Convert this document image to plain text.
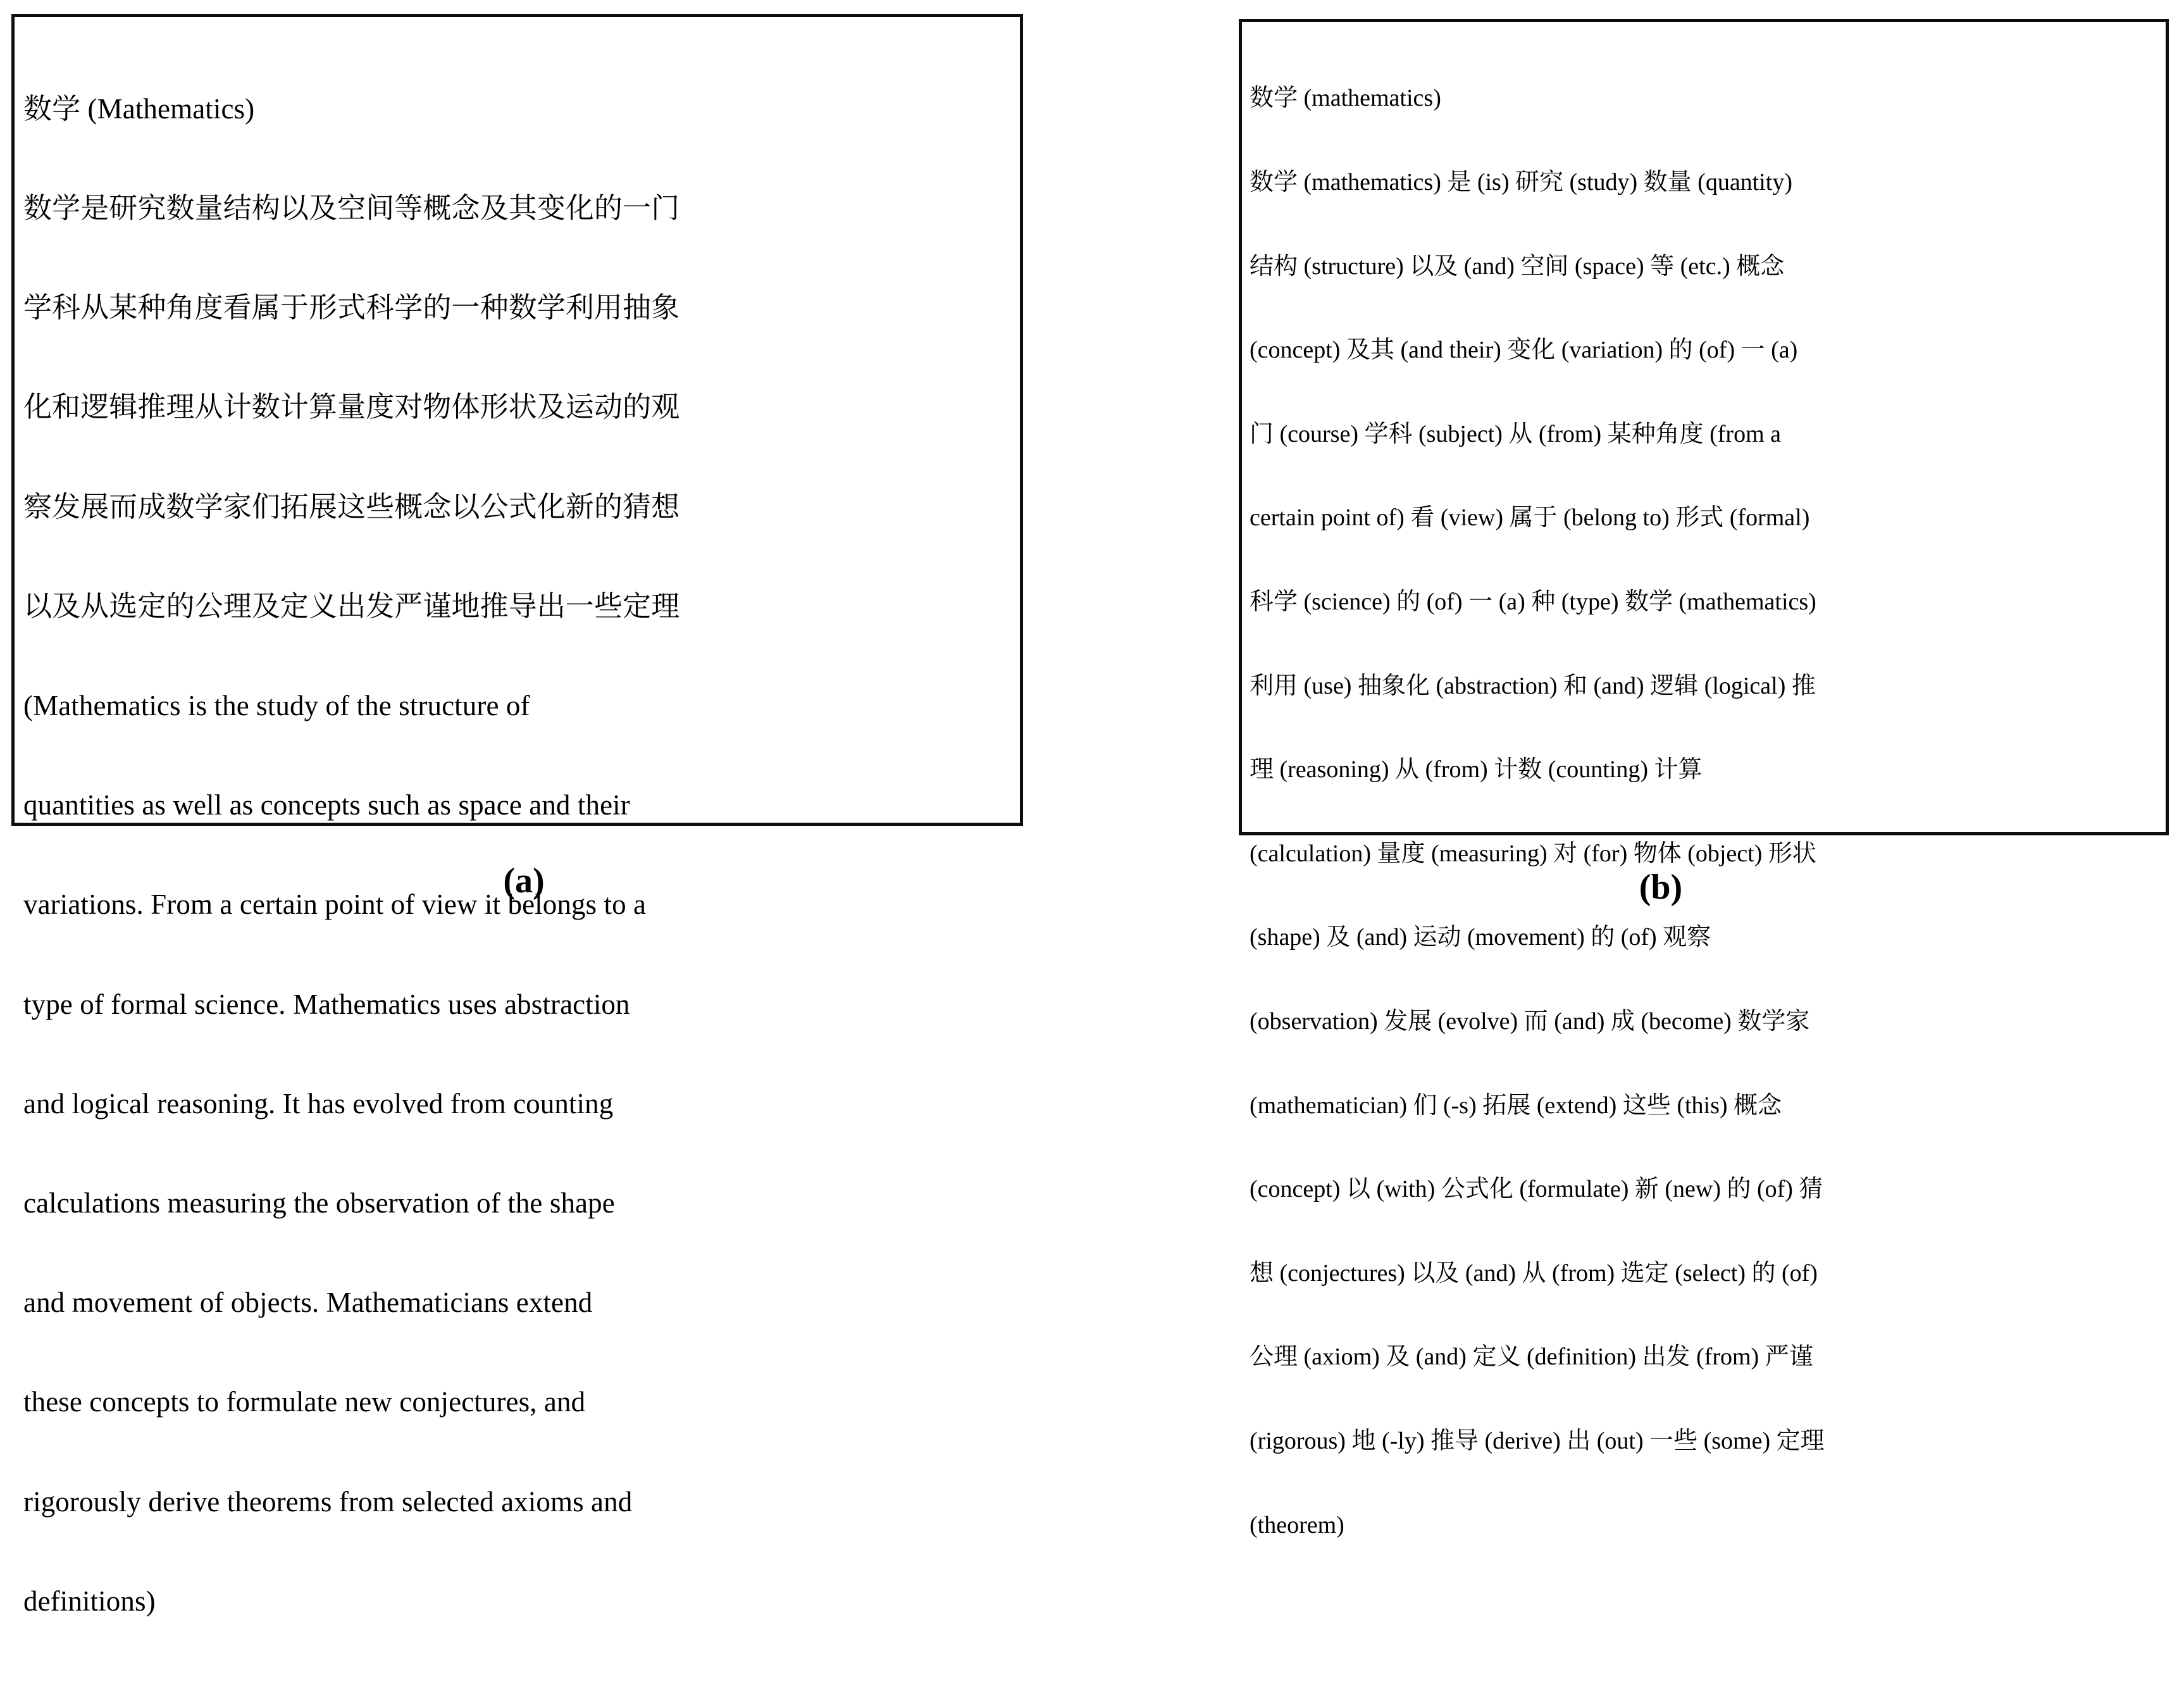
数学 (Mathematics)

数学是研究数量结构以及空间等概念及其变化的一门

学科从某种角度看属于形式科学的一种数学利用抽象

化和逻辑推理从计数计算量度对物体形状及运动的观

察发展而成数学家们拓展这些概念以公式化新的猜想

以及从选定的公理及定义出发严谨地推导出一些定理

(Mathematics is the study of the structure of

quantities as well as concepts such as space and their

variations. From a certain point of view it belongs to a

type of formal science. Mathematics uses abstraction

and logical reasoning. It has evolved from counting

calculations measuring the observation of the shape

and movement of objects. Mathematicians extend

these concepts to formulate new conjectures, and

rigorously derive theorems from selected axioms and

definitions)

(a)

数学 (mathematics)

数学 (mathematics) 是 (is) 研究 (study) 数量 (quantity)

结构 (structure) 以及 (and) 空间 (space) 等 (etc.) 概念

(concept) 及其 (and their) 变化 (variation) 的 (of) 一 (a)

门 (course) 学科 (subject) 从 (from) 某种角度 (from a

certain point of) 看 (view) 属于 (belong to) 形式 (formal)

科学 (science) 的 (of) 一 (a) 种 (type) 数学 (mathematics)

利用 (use) 抽象化 (abstraction) 和 (and) 逻辑 (logical) 推

理 (reasoning) 从 (from) 计数 (counting) 计算

(calculation) 量度 (measuring) 对 (for) 物体 (object) 形状

(shape) 及 (and) 运动 (movement) 的 (of) 观察

(observation) 发展 (evolve) 而 (and) 成 (become) 数学家

(mathematician) 们 (-s) 拓展 (extend) 这些 (this) 概念

(concept) 以 (with) 公式化 (formulate) 新 (new) 的 (of) 猜

想 (conjectures) 以及 (and) 从 (from) 选定 (select) 的 (of)

公理 (axiom) 及 (and) 定义 (definition) 出发 (from) 严谨

(rigorous) 地 (-ly) 推导 (derive) 出 (out) 一些 (some) 定理

(theorem)

(b)
